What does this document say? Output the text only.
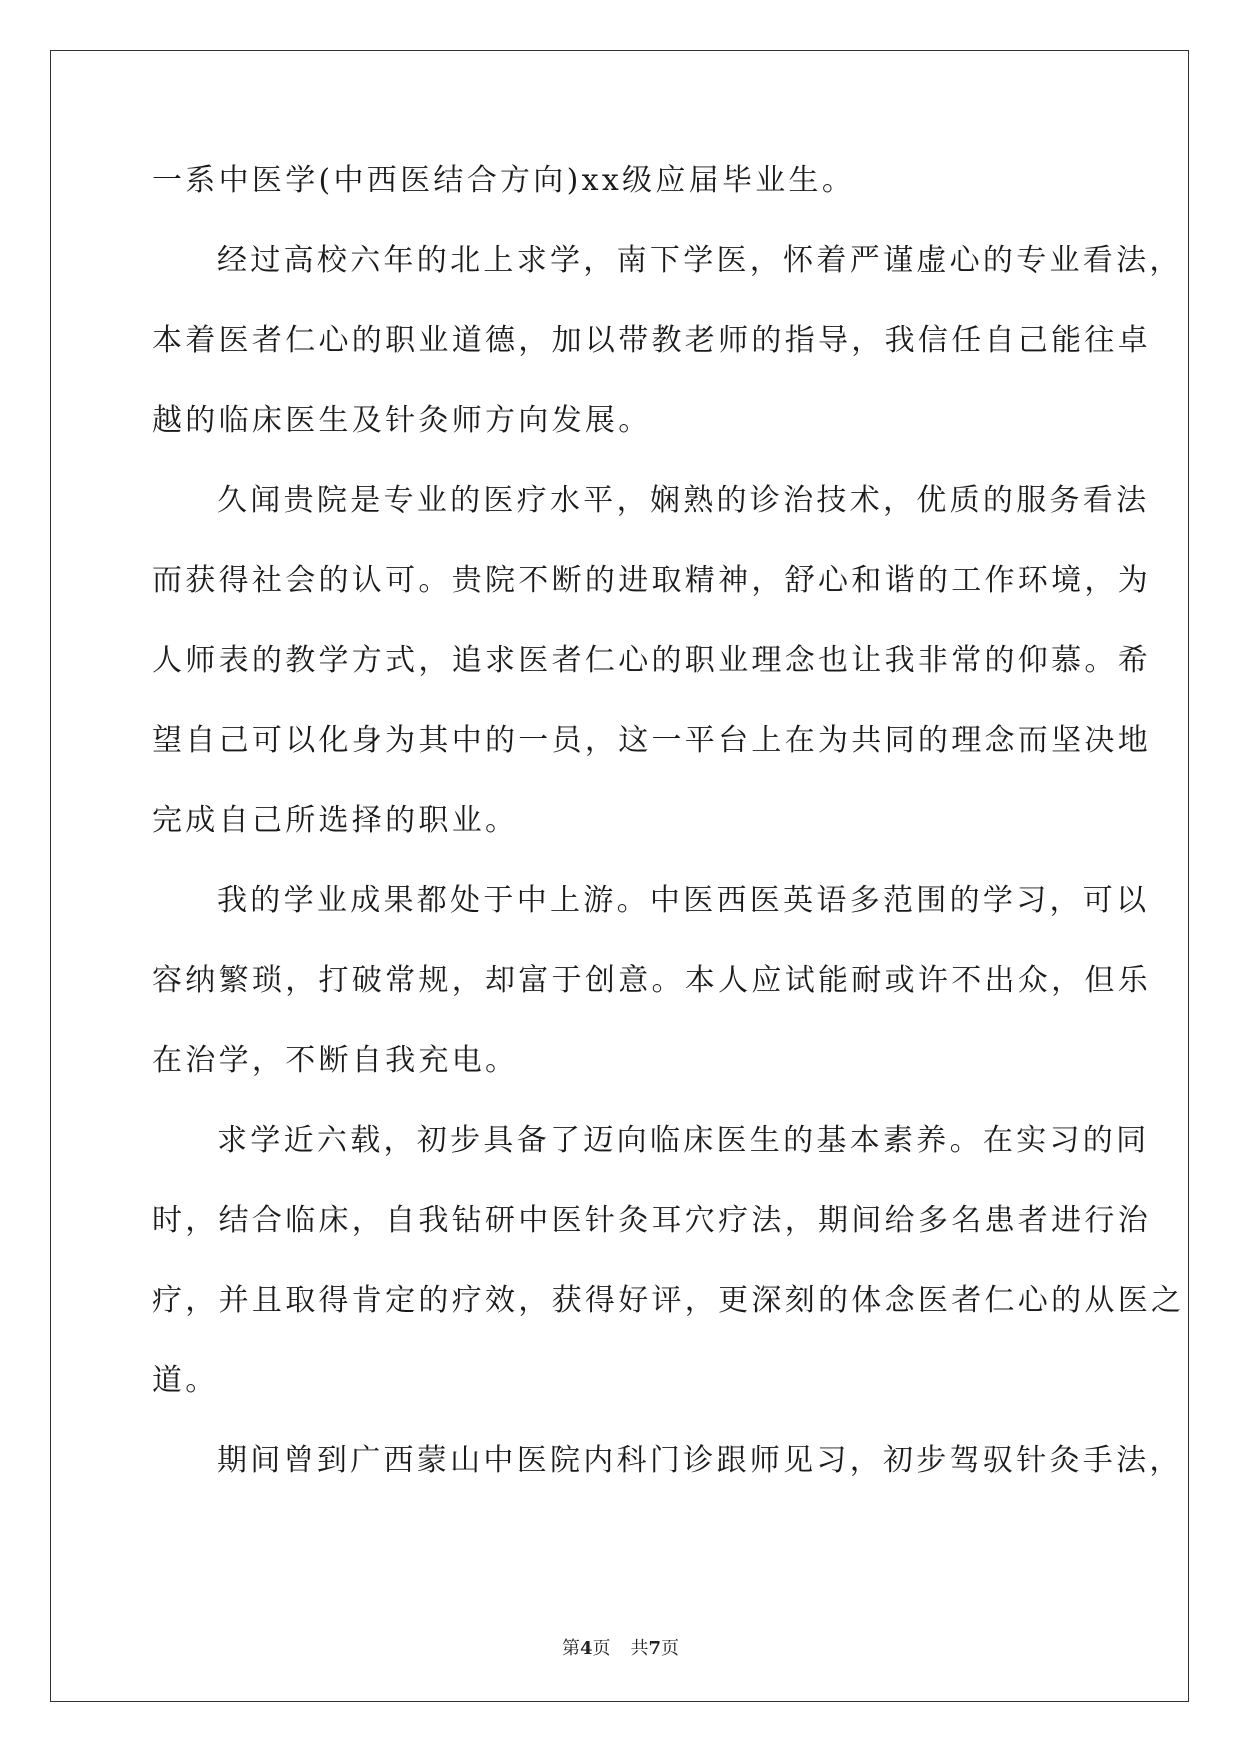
一系中医学(中西医结合方向)xx级应届毕业生。
经过高校六年的北上求学，南下学医，怀着严谨虚心的专业看法，
本着医者仁心的职业道德，加以带教老师的指导，我信任自己能往卓
越的临床医生及针灸师方向发展。
久闻贵院是专业的医疗水平，娴熟的诊治技术，优质的服务看法
而获得社会的认可。贵院不断的进取精神，舒心和谐的工作环境，为
人师表的教学方式，追求医者仁心的职业理念也让我非常的仰慕。希
望自己可以化身为其中的一员，这一平台上在为共同的理念而坚决地
完成自己所选择的职业。
我的学业成果都处于中上游。中医西医英语多范围的学习，可以
容纳繁琐，打破常规，却富于创意。本人应试能耐或许不出众，但乐
在治学，不断自我充电。
求学近六载，初步具备了迈向临床医生的基本素养。在实习的同
时，结合临床，自我钻研中医针灸耳穴疗法，期间给多名患者进行治
疗，并且取得肯定的疗效，获得好评，更深刻的体念医者仁心的从医之
道。
期间曾到广西蒙山中医院内科门诊跟师见习，初步驾驭针灸手法，
第4页 共7页
